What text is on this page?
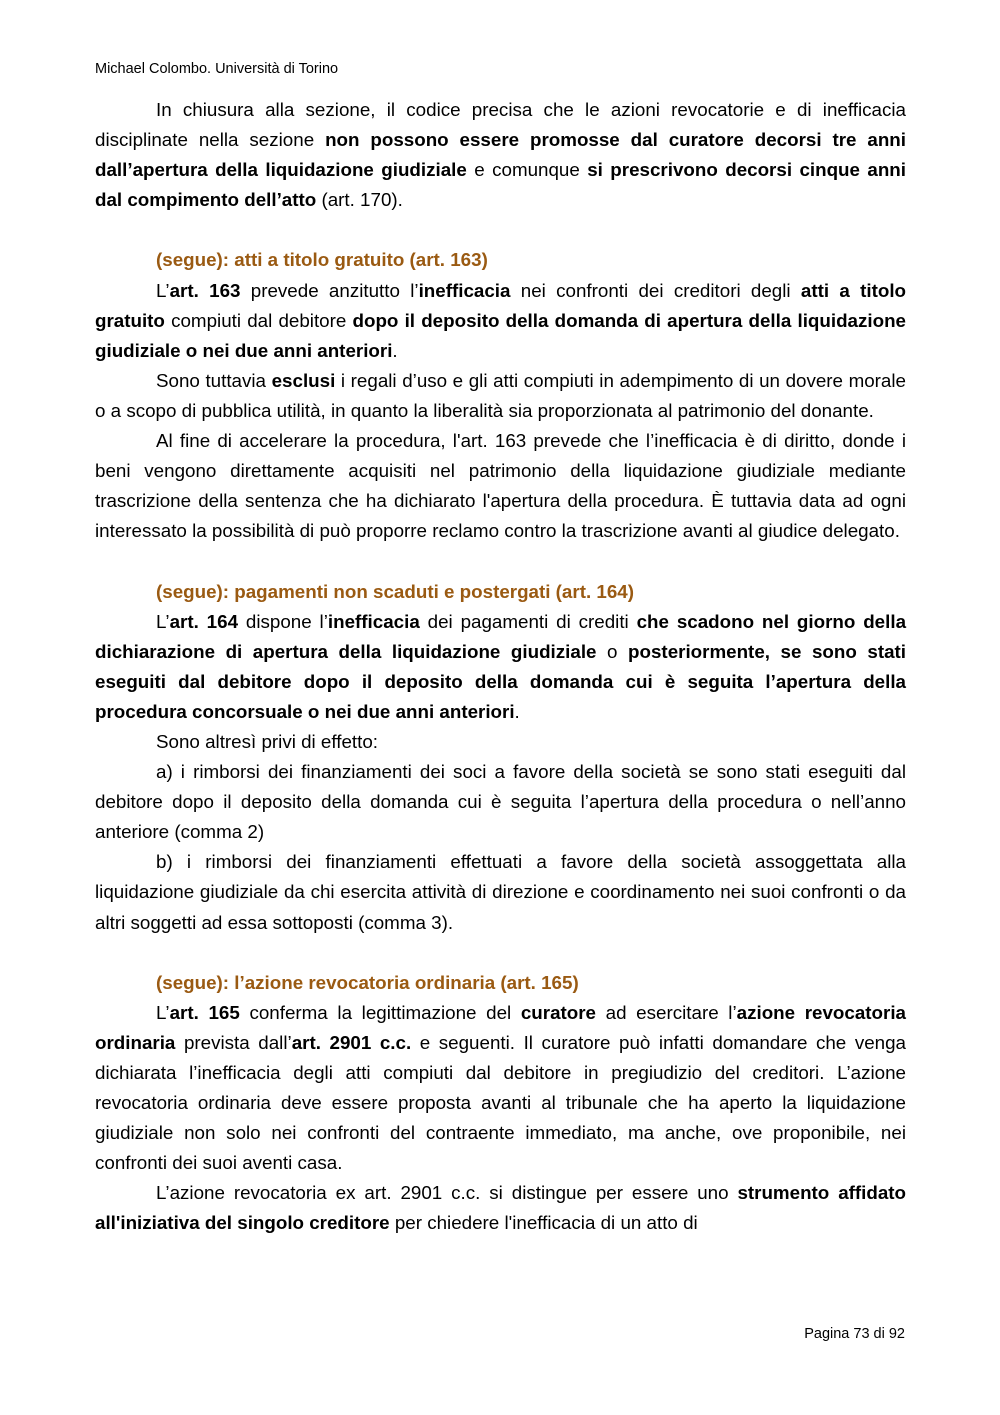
Michael Colombo. Università di Torino

In chiusura alla sezione, il codice precisa che le azioni revocatorie e di inefficacia disciplinate nella sezione non possono essere promosse dal curatore decorsi tre anni dall’apertura della liquidazione giudiziale e comunque si prescrivono decorsi cinque anni dal compimento dell’atto (art. 170).

(segue): atti a titolo gratuito (art. 163)

L’art. 163 prevede anzitutto l’inefficacia nei confronti dei creditori degli atti a titolo gratuito compiuti dal debitore dopo il deposito della domanda di apertura della liquidazione giudiziale o nei due anni anteriori.

Sono tuttavia esclusi i regali d’uso e gli atti compiuti in adempimento di un dovere morale o a scopo di pubblica utilità, in quanto la liberalità sia proporzionata al patrimonio del donante.

Al fine di accelerare la procedura, l'art. 163 prevede che l’inefficacia è di diritto, donde i beni vengono direttamente acquisiti nel patrimonio della liquidazione giudiziale mediante trascrizione della sentenza che ha dichiarato l'apertura della procedura. È tuttavia data ad ogni interessato la possibilità di può proporre reclamo contro la trascrizione avanti al giudice delegato.

(segue): pagamenti non scaduti e postergati (art. 164)

L’art. 164 dispone l’inefficacia dei pagamenti di crediti che scadono nel giorno della dichiarazione di apertura della liquidazione giudiziale o posteriormente, se sono stati eseguiti dal debitore dopo il deposito della domanda cui è seguita l’apertura della procedura concorsuale o nei due anni anteriori.

Sono altresì privi di effetto:

a) i rimborsi dei finanziamenti dei soci a favore della società se sono stati eseguiti dal debitore dopo il deposito della domanda cui è seguita l’apertura della procedura o nell’anno anteriore (comma 2)

b) i rimborsi dei finanziamenti effettuati a favore della società assoggettata alla liquidazione giudiziale da chi esercita attività di direzione e coordinamento nei suoi confronti o da altri soggetti ad essa sottoposti (comma 3).

(segue): l’azione revocatoria ordinaria (art. 165)

L’art. 165 conferma la legittimazione del curatore ad esercitare l’azione revocatoria ordinaria prevista dall’art. 2901 c.c. e seguenti. Il curatore può infatti domandare che venga dichiarata l’inefficacia degli atti compiuti dal debitore in pregiudizio del creditori. L’azione revocatoria ordinaria deve essere proposta avanti al tribunale che ha aperto la liquidazione giudiziale non solo nei confronti del contraente immediato, ma anche, ove proponibile, nei confronti dei suoi aventi casa.

L’azione revocatoria ex art. 2901 c.c. si distingue per essere uno strumento affidato all'iniziativa del singolo creditore per chiedere l'inefficacia di un atto di

Pagina 73 di 92
